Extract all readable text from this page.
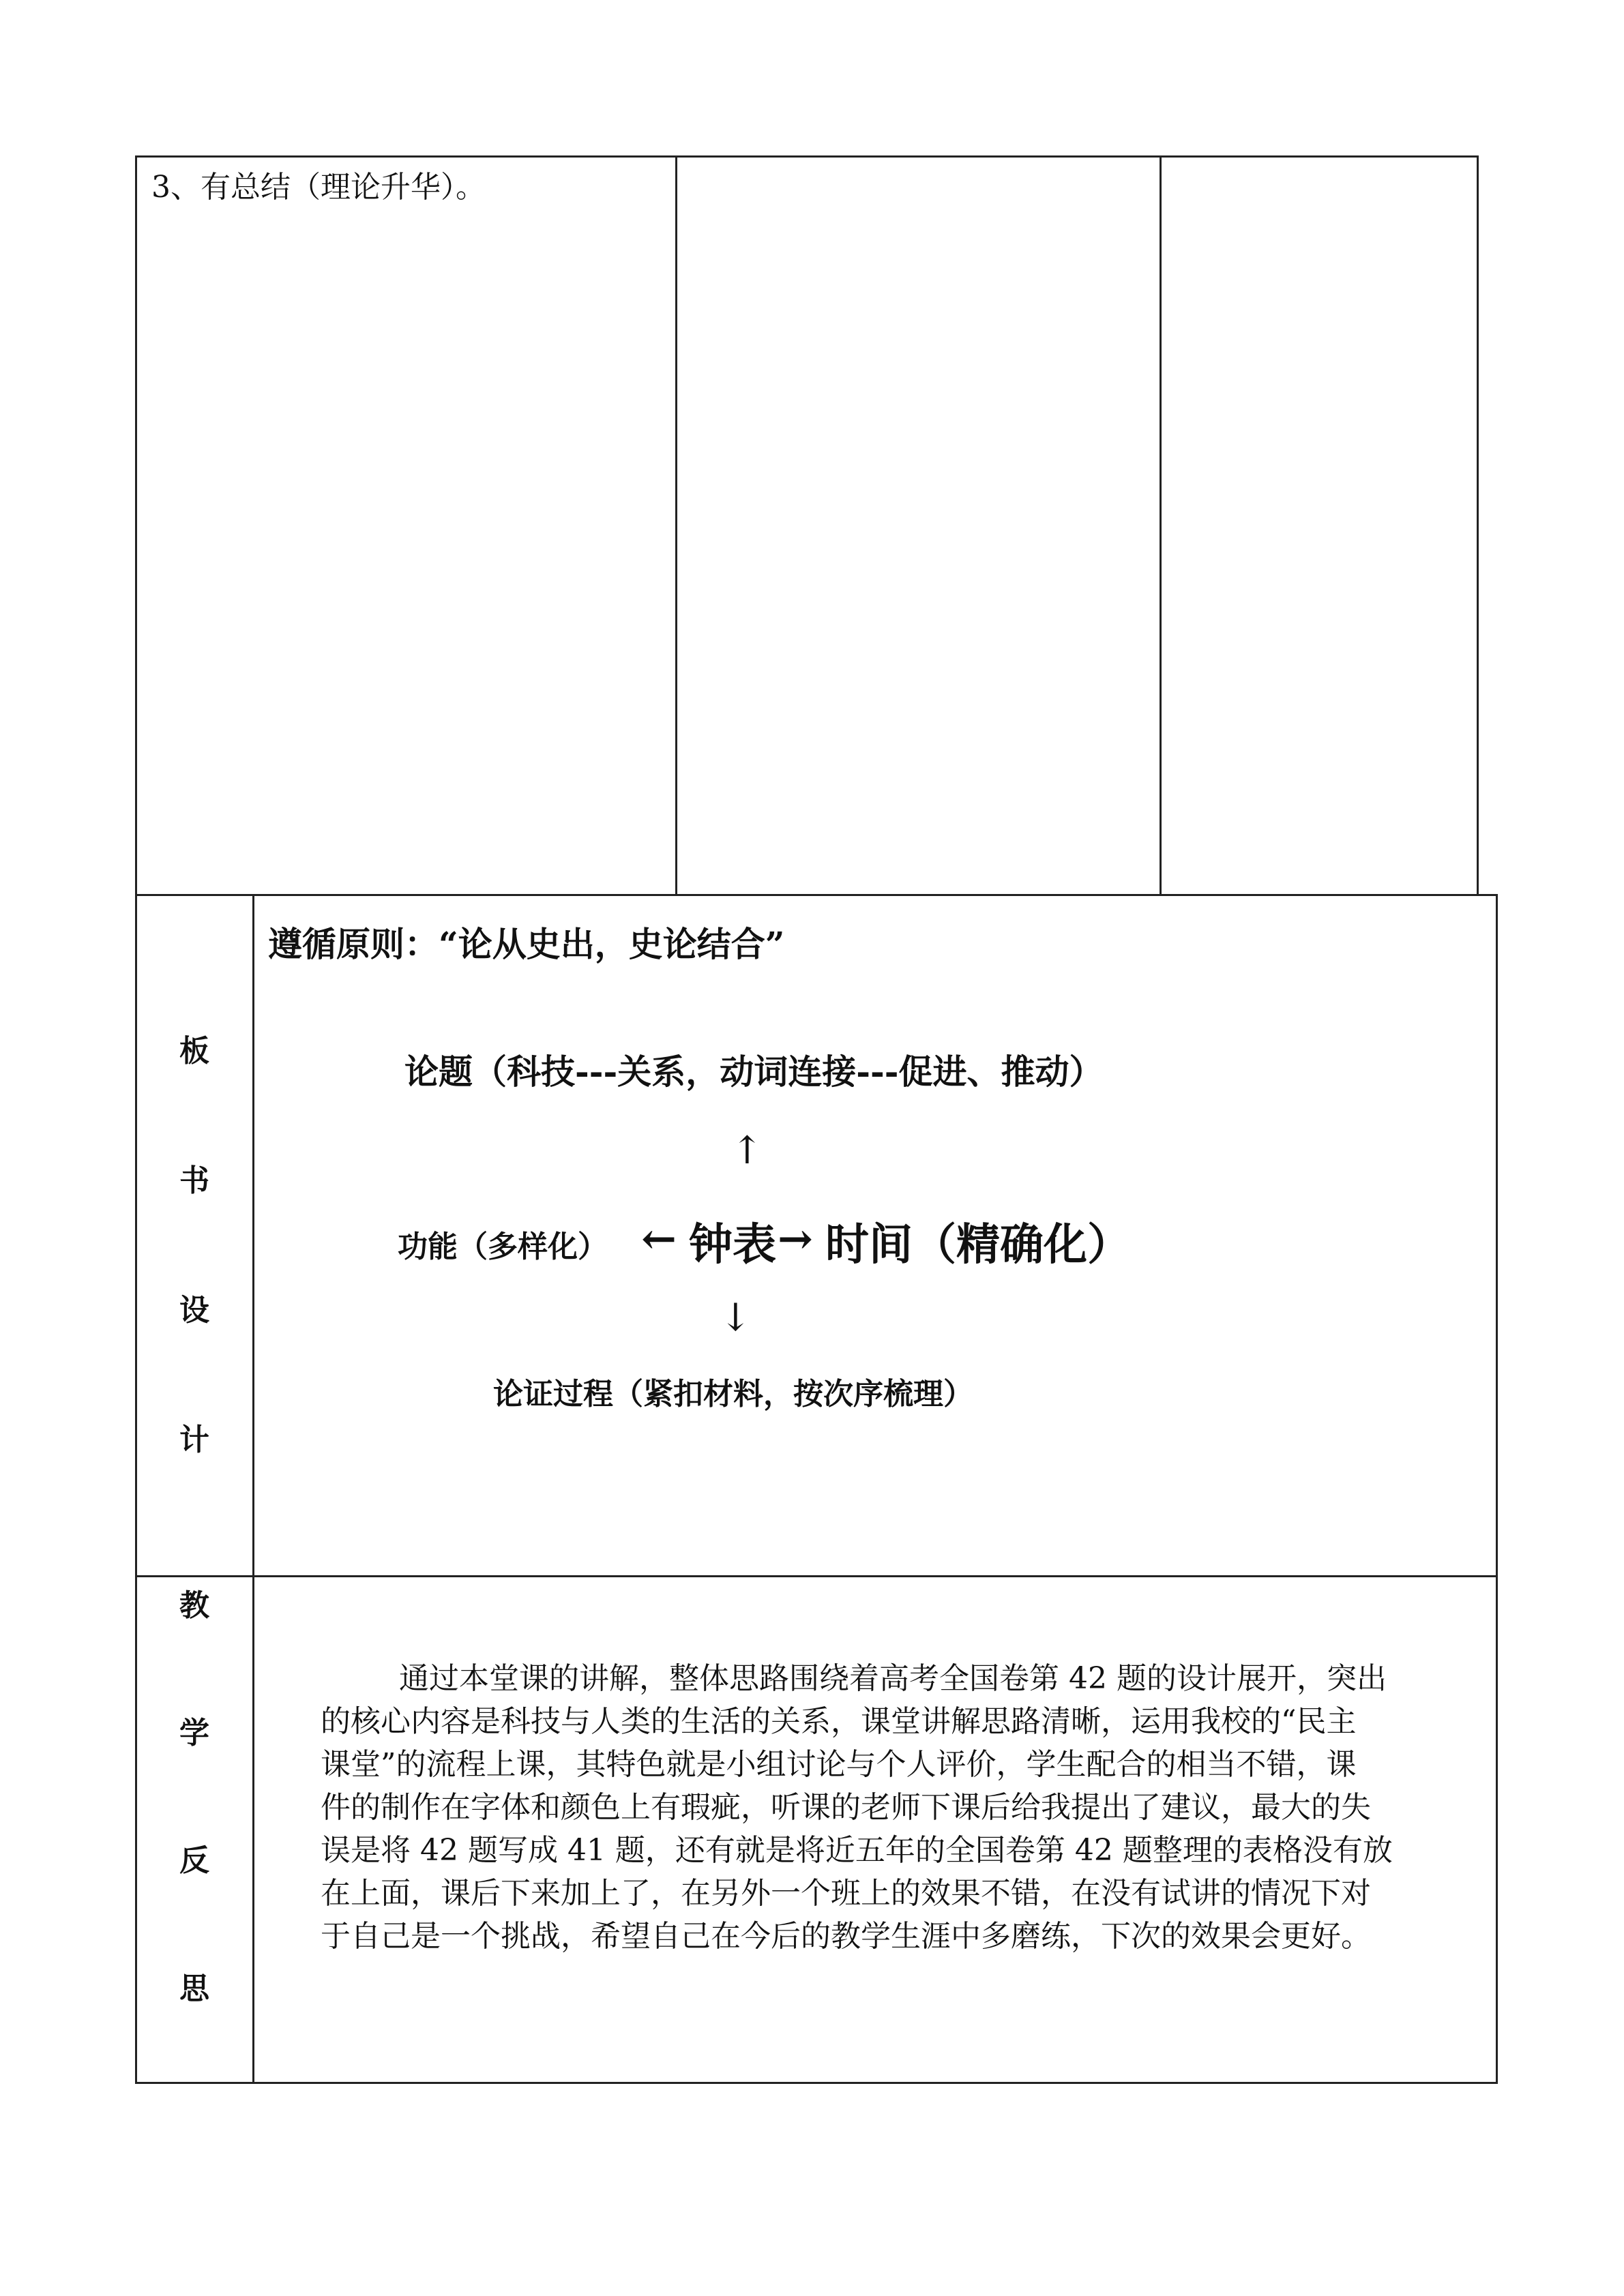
3、有总结（理论升华）。
板
书
设
计
遵循原则：“论从史出，史论结合”
论题（科技---关系，动词连接---促进、推动）
↑
功能（多样化） ← 钟表 → 时间（精确化）
↓
论证过程（紧扣材料，按次序梳理）
教
学
反
思

通过本堂课的讲解，整体思路围绕着高考全国卷第 42 题的设计展开，突出

的核心内容是科技与人类的生活的关系，课堂讲解思路清晰，运用我校的“民主

课堂”的流程上课，其特色就是小组讨论与个人评价，学生配合的相当不错，课

件的制作在字体和颜色上有瑕疵，听课的老师下课后给我提出了建议，最大的失

误是将 42 题写成 41 题，还有就是将近五年的全国卷第 42 题整理的表格没有放

在上面，课后下来加上了，在另外一个班上的效果不错，在没有试讲的情况下对

于自己是一个挑战，希望自己在今后的教学生涯中多磨练，下次的效果会更好。
